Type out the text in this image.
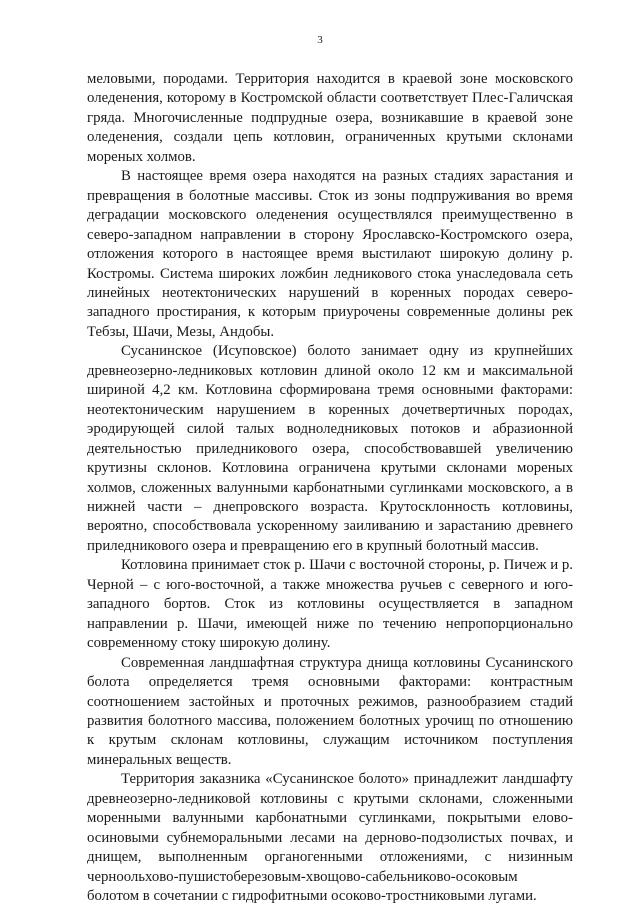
3

меловыми, породами. Территория находится в краевой зоне московского оледенения, которому в Костромской области соответствует Плес-Галичская гряда. Многочисленные подпрудные озера, возникавшие в краевой зоне оледенения, создали цепь котловин, ограниченных крутыми склонами мореных холмов.

В настоящее время озера находятся на разных стадиях зарастания и превращения в болотные массивы. Сток из зоны подпруживания во время деградации московского оледенения осуществлялся преимущественно в северо-западном направлении в сторону Ярославско-Костромского озера, отложения которого в настоящее время выстилают широкую долину р. Костромы. Система широких ложбин ледникового стока унаследовала сеть линейных неотектонических нарушений в коренных породах северо-западного простирания, к которым приурочены современные долины рек Тебзы, Шачи, Мезы, Андобы.

Сусанинское (Исуповское) болото занимает одну из крупнейших древнеозерно-ледниковых котловин длиной около 12 км и максимальной шириной 4,2 км. Котловина сформирована тремя основными факторами: неотектоническим нарушением в коренных дочетвертичных породах, эродирующей силой талых водноледниковых потоков и абразионной деятельностью приледникового озера, способствовавшей увеличению крутизны склонов. Котловина ограничена крутыми склонами мореных холмов, сложенных валунными карбонатными суглинками московского, а в нижней части – днепровского возраста. Крутосклонность котловины, вероятно, способствовала ускоренному заиливанию и зарастанию древнего приледникового озера и превращению его в крупный болотный массив.

Котловина принимает сток р. Шачи с восточной стороны, р. Пичеж и р. Черной – с юго-восточной, а также множества ручьев с северного и юго-западного бортов. Сток из котловины осуществляется в западном направлении р. Шачи, имеющей ниже по течению непропорционально современному стоку широкую долину.

Современная ландшафтная структура днища котловины Сусанинского болота определяется тремя основными факторами: контрастным соотношением застойных и проточных режимов, разнообразием стадий развития болотного массива, положением болотных урочищ по отношению к крутым склонам котловины, служащим источником поступления минеральных веществ.

Территория заказника «Сусанинское болото» принадлежит ландшафту древнеозерно-ледниковой котловины с крутыми склонами, сложенными моренными валунными карбонатными суглинками, покрытыми елово-осиновыми субнеморальными лесами на дерново-подзолистых почвах, и днищем, выполненным органогенными отложениями, с низинным черноольхово-пушистоберезовым-хвощово-сабельниково-осоковым болотом в сочетании с гидрофитными осоково-тростниковыми лугами.
